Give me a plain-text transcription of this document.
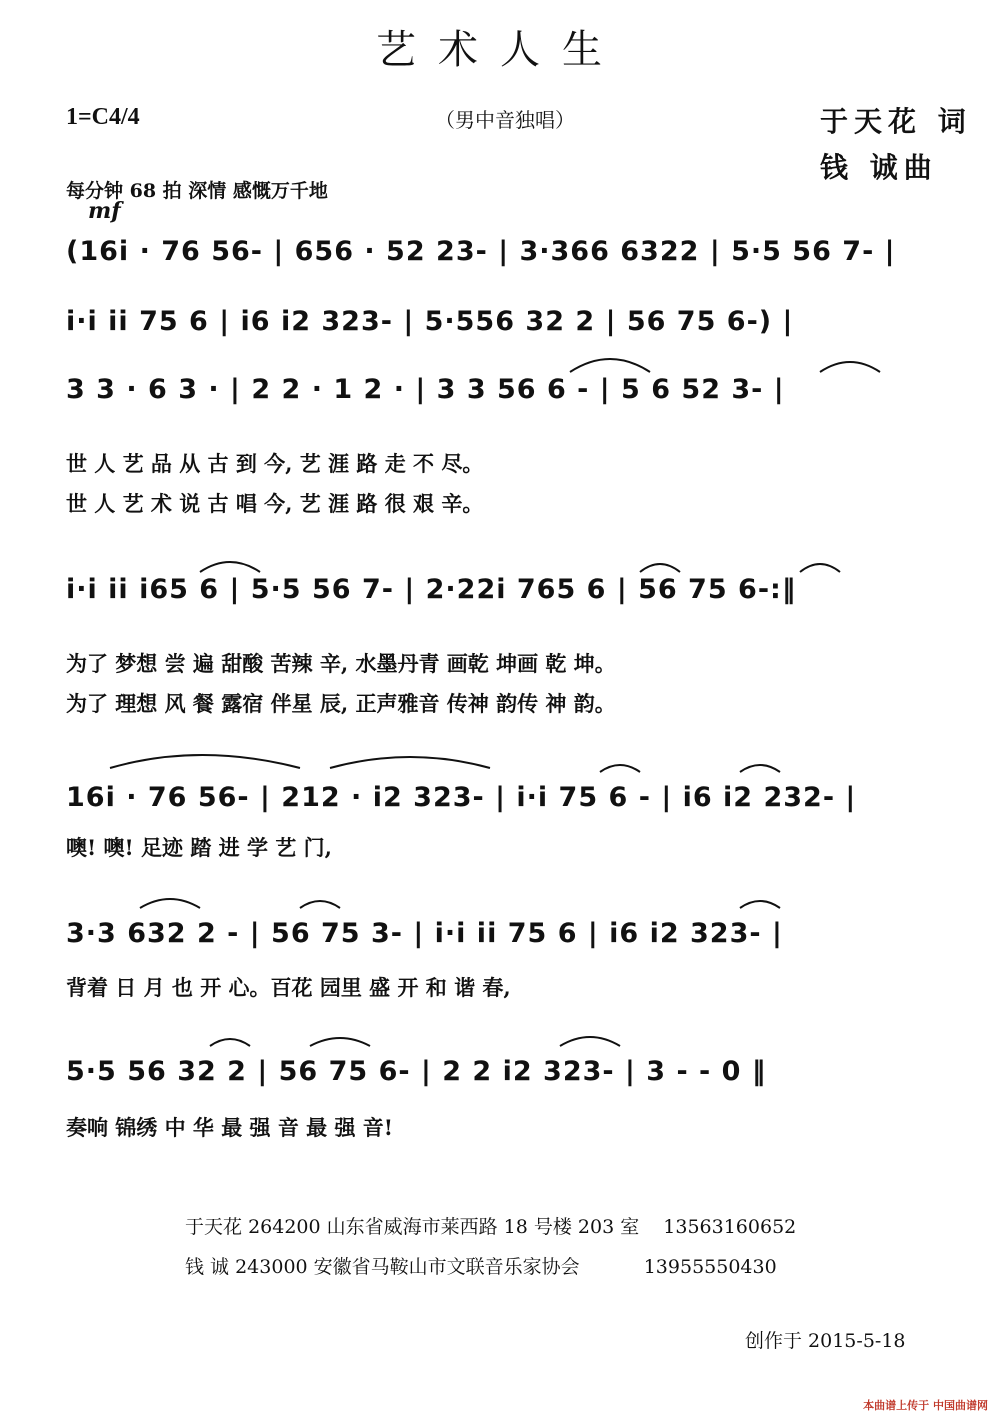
艺术人生
1=C4/4	（男中音独唱）	于天花 词
钱 诚曲
每分钟 68 拍 深情 感慨万千地
mf
(16i · 76 56- | 656 · 52 23- | 3·366 6322 | 5·5 56 7- |
i·i ii 75 6 | i6 i2 323- | 5·556 32 2 | 56 75 6-) |
3 3 · 6 3 · | 2 2 · 1 2 · | 3 3 56 6 - | 5 6 52 3- |
世 人 艺 品 从 古 到 今, 艺 涯 路 走 不 尽。
世 人 艺 术 说 古 唱 今, 艺 涯 路 很 艰 辛。
i·i ii i65 6 | 5·5 56 7- | 2·22i 765 6 | 56 75 6-:‖
为了 梦想 尝 遍 甜酸 苦辣 辛, 水墨丹青 画乾 坤画 乾 坤。
为了 理想 风 餐 露宿 伴星 辰, 正声雅音 传神 韵传 神 韵。
16i · 76 56- | 212 · i2 323- | i·i 75 6 - | i6 i2 232- |
噢! 噢! 足迹 踏 进 学 艺 门,
3·3 632 2 - | 56 75 3- | i·i ii 75 6 | i6 i2 323- |
背着 日 月 也 开 心。百花 园里 盛 开 和 谐 春,
5·5 56 32 2 | 56 75 6- | 2 2 i2 323- | 3 - - 0 ‖
奏响 锦绣 中 华 最 强 音 最 强 音!
于天花 264200 山东省威海市莱西路 18 号楼 203 室 13563160652
钱 诚 243000 安徽省马鞍山市文联音乐家协会	13955550430
创作于 2015-5-18
本曲谱上传于 中国曲谱网
